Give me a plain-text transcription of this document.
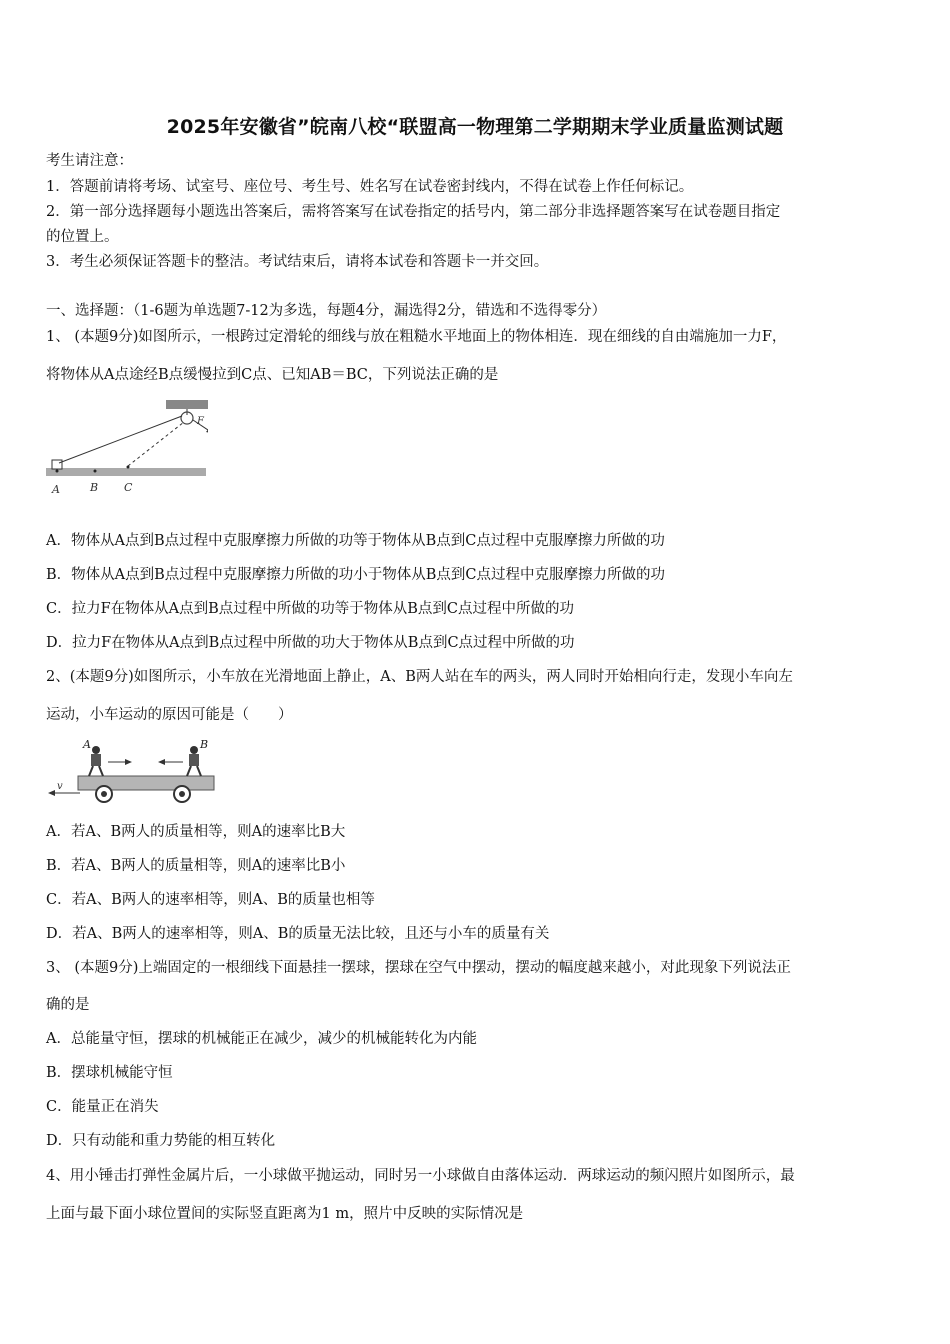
2025年安徽省”皖南八校“联盟高一物理第二学期期末学业质量监测试题
考生请注意：
1．答题前请将考场、试室号、座位号、考生号、姓名写在试卷密封线内，不得在试卷上作任何标记。
2．第一部分选择题每小题选出答案后，需将答案写在试卷指定的括号内，第二部分非选择题答案写在试卷题目指定
的位置上。
3．考生必须保证答题卡的整洁。考试结束后，请将本试卷和答题卡一并交回。
一、选择题：（1-6题为单选题7-12为多选，每题4分，漏选得2分，错选和不选得零分）
1、 (本题9分)如图所示，一根跨过定滑轮的细线与放在粗糙水平地面上的物体相连．现在细线的自由端施加一力F，
将物体从A点途经B点缓慢拉到C点、已知AB＝BC，下列说法正确的是
A	B C
F
A．物体从A点到B点过程中克服摩擦力所做的功等于物体从B点到C点过程中克服摩擦力所做的功
B．物体从A点到B点过程中克服摩擦力所做的功小于物体从B点到C点过程中克服摩擦力所做的功
C．拉力F在物体从A点到B点过程中所做的功等于物体从B点到C点过程中所做的功
D．拉力F在物体从A点到B点过程中所做的功大于物体从B点到C点过程中所做的功
2、(本题9分)如图所示，小车放在光滑地面上静止，A、B两人站在车的两头，两人同时开始相向行走，发现小车向左
运动，小车运动的原因可能是（　　）
v
A	B
A．若A、B两人的质量相等，则A的速率比B大
B．若A、B两人的质量相等，则A的速率比B小
C．若A、B两人的速率相等，则A、B的质量也相等
D．若A、B两人的速率相等，则A、B的质量无法比较，且还与小车的质量有关
3、 (本题9分)上端固定的一根细线下面悬挂一摆球，摆球在空气中摆动，摆动的幅度越来越小，对此现象下列说法正
确的是
A．总能量守恒，摆球的机械能正在减少，减少的机械能转化为内能
B．摆球机械能守恒
C．能量正在消失
D．只有动能和重力势能的相互转化
4、用小锤击打弹性金属片后，一小球做平抛运动，同时另一小球做自由落体运动．两球运动的频闪照片如图所示，最
上面与最下面小球位置间的实际竖直距离为1 m，照片中反映的实际情况是
